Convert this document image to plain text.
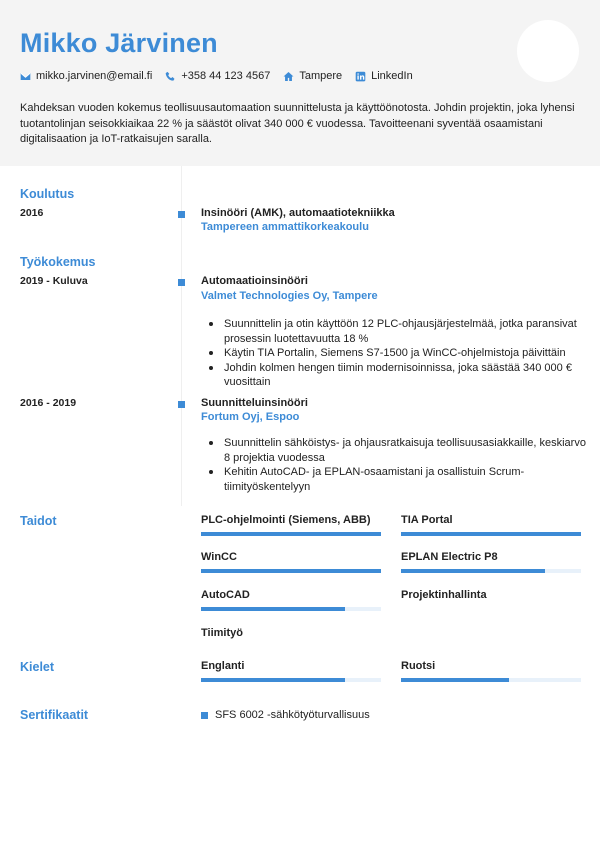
Mikko Järvinen
mikko.jarvinen@email.fi	+358 44 123 4567	Tampere	LinkedIn

Kahdeksan vuoden kokemus teollisuusautomaation suunnittelusta ja käyttöönotosta. Johdin projektin, joka lyhensi tuotantolinjan seisokkiaikaa 22 % ja säästöt olivat 340 000 € vuodessa. Tavoitteenani syventää osaamistani digitalisaation ja IoT-ratkaisujen saralla.

Koulutus
2016	Insinööri (AMK), automaatiotekniikka
Tampereen ammattikorkeakoulu
Työkokemus
2019 - Kuluva	Automaatioinsinööri
Valmet Technologies Oy, Tampere
Suunnittelin ja otin käyttöön 12 PLC-ohjausjärjestelmää, jotka paransivat prosessin luotettavuutta 18 %
Käytin TIA Portalin, Siemens S7-1500 ja WinCC-ohjelmistoja päivittäin
Johdin kolmen hengen tiimin modernisoinnissa, joka säästää 340 000 € vuosittain
2016 - 2019	Suunnitteluinsinööri
Fortum Oyj, Espoo
Suunnittelin sähköistys- ja ohjausratkaisuja teollisuusasiakkaille, keskiarvo 8 projektia vuodessa
Kehitin AutoCAD- ja EPLAN-osaamistani ja osallistuin Scrum-tiimityöskentelyyn
Taidot	PLC-ohjelmointi (Siemens, ABB)	TIA Portal
WinCC	EPLAN Electric P8
AutoCAD	Projektinhallinta
Tiimityö
Kielet	Englanti	Ruotsi
Sertifikaatit	SFS 6002 -sähkötyöturvallisuus
